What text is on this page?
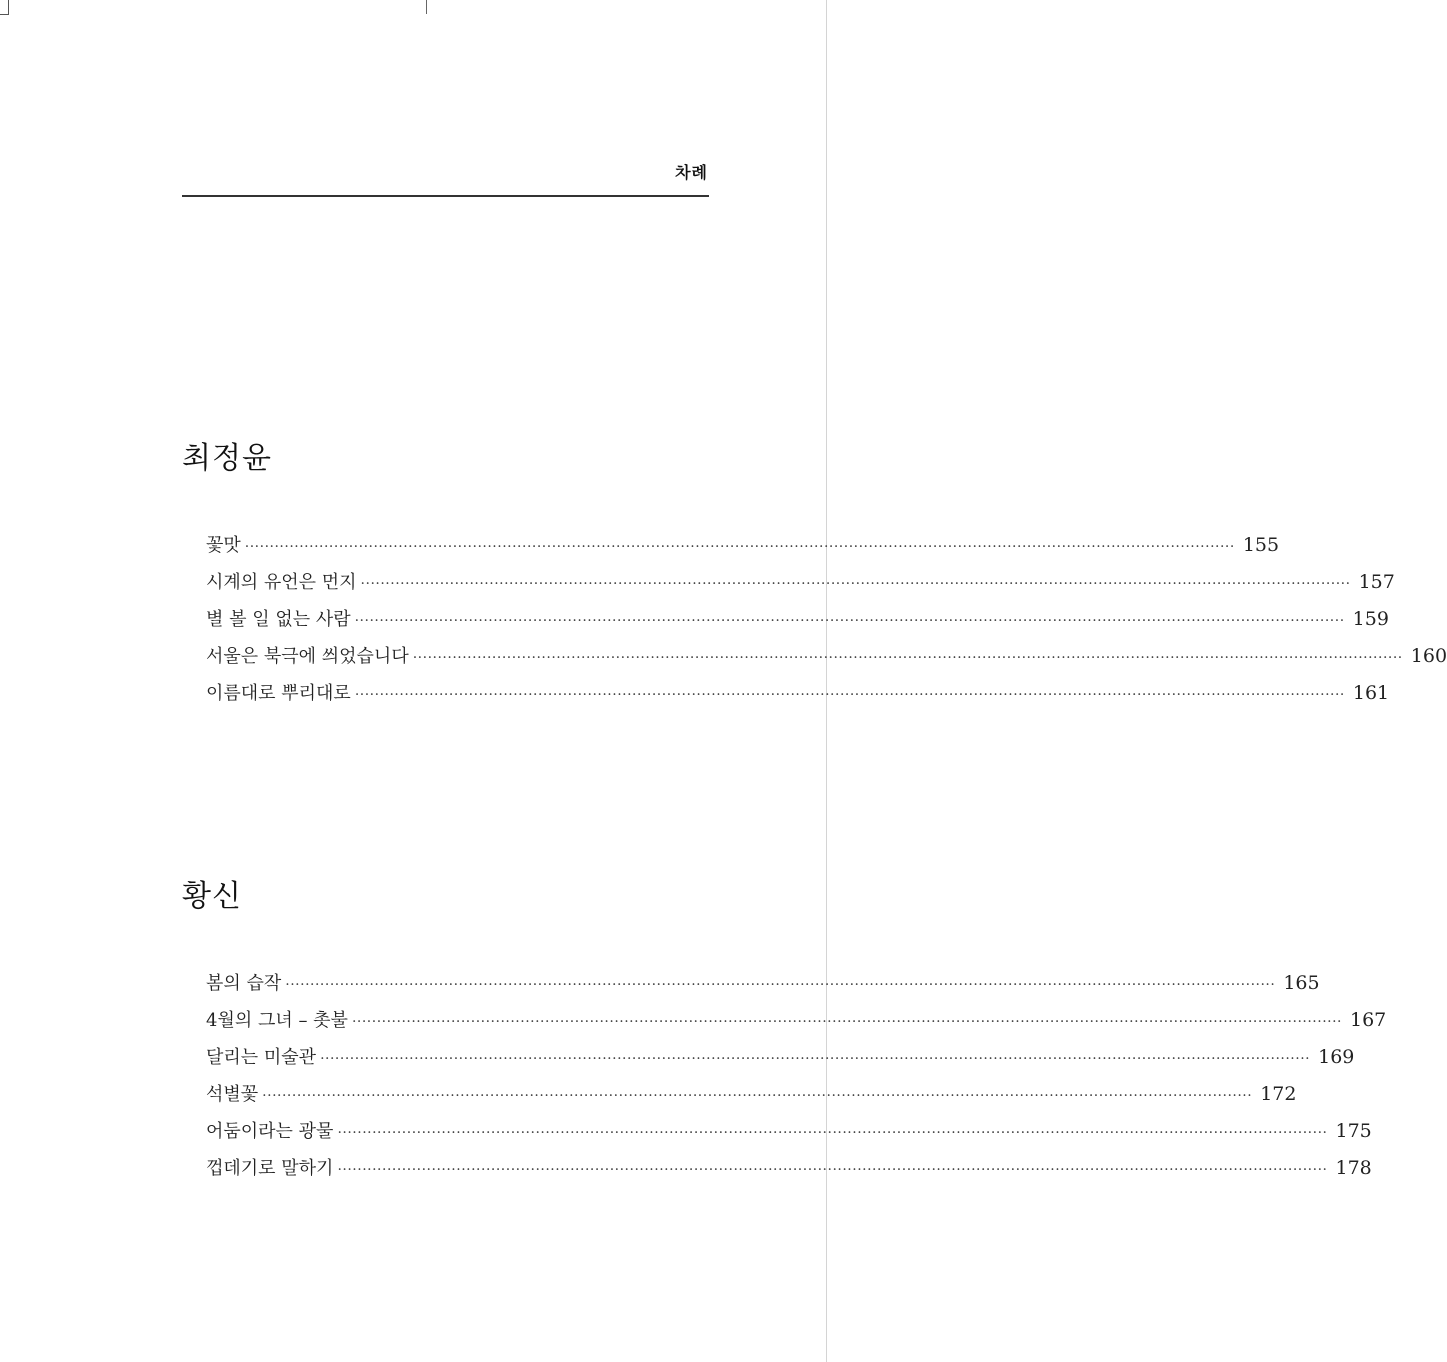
차례
최정윤
꽃맛 ········································································································································································································ 155
시계의 유언은 먼지 ········································································································································································································ 157
별 볼 일 없는 사람 ········································································································································································································ 159
서울은 북극에 씌었습니다 ········································································································································································································ 160
이름대로 뿌리대로 ········································································································································································································ 161
황신
봄의 습작 ········································································································································································································ 165
4월의 그녀 – 촛불 ········································································································································································································ 167
달리는 미술관 ········································································································································································································ 169
석별꽃 ········································································································································································································ 172
어둠이라는 광물 ········································································································································································································ 175
껍데기로 말하기 ········································································································································································································ 178
